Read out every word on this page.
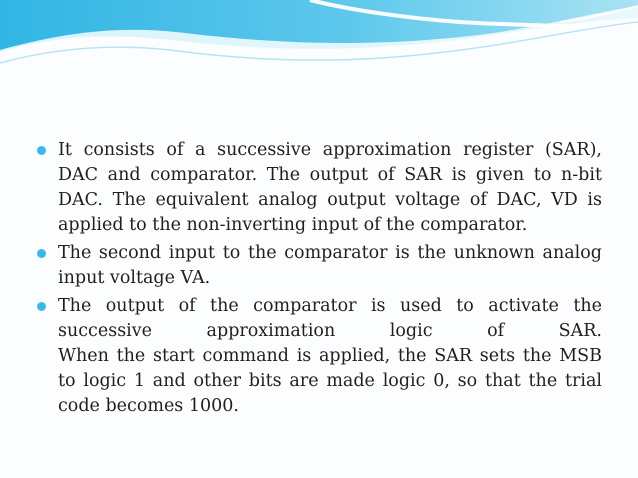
It consists of a successive approximation register (SAR),
DAC and comparator. The output of SAR is given to n-bit
DAC. The equivalent analog output voltage of DAC, VD is
applied to the non-inverting input of the comparator.
The second input to the comparator is the unknown analog
input voltage VA.
The output of the comparator is used to activate the
successive approximation logic of SAR.
When the start command is applied, the SAR sets the MSB
to logic 1 and other bits are made logic 0, so that the trial
code becomes 1000.
